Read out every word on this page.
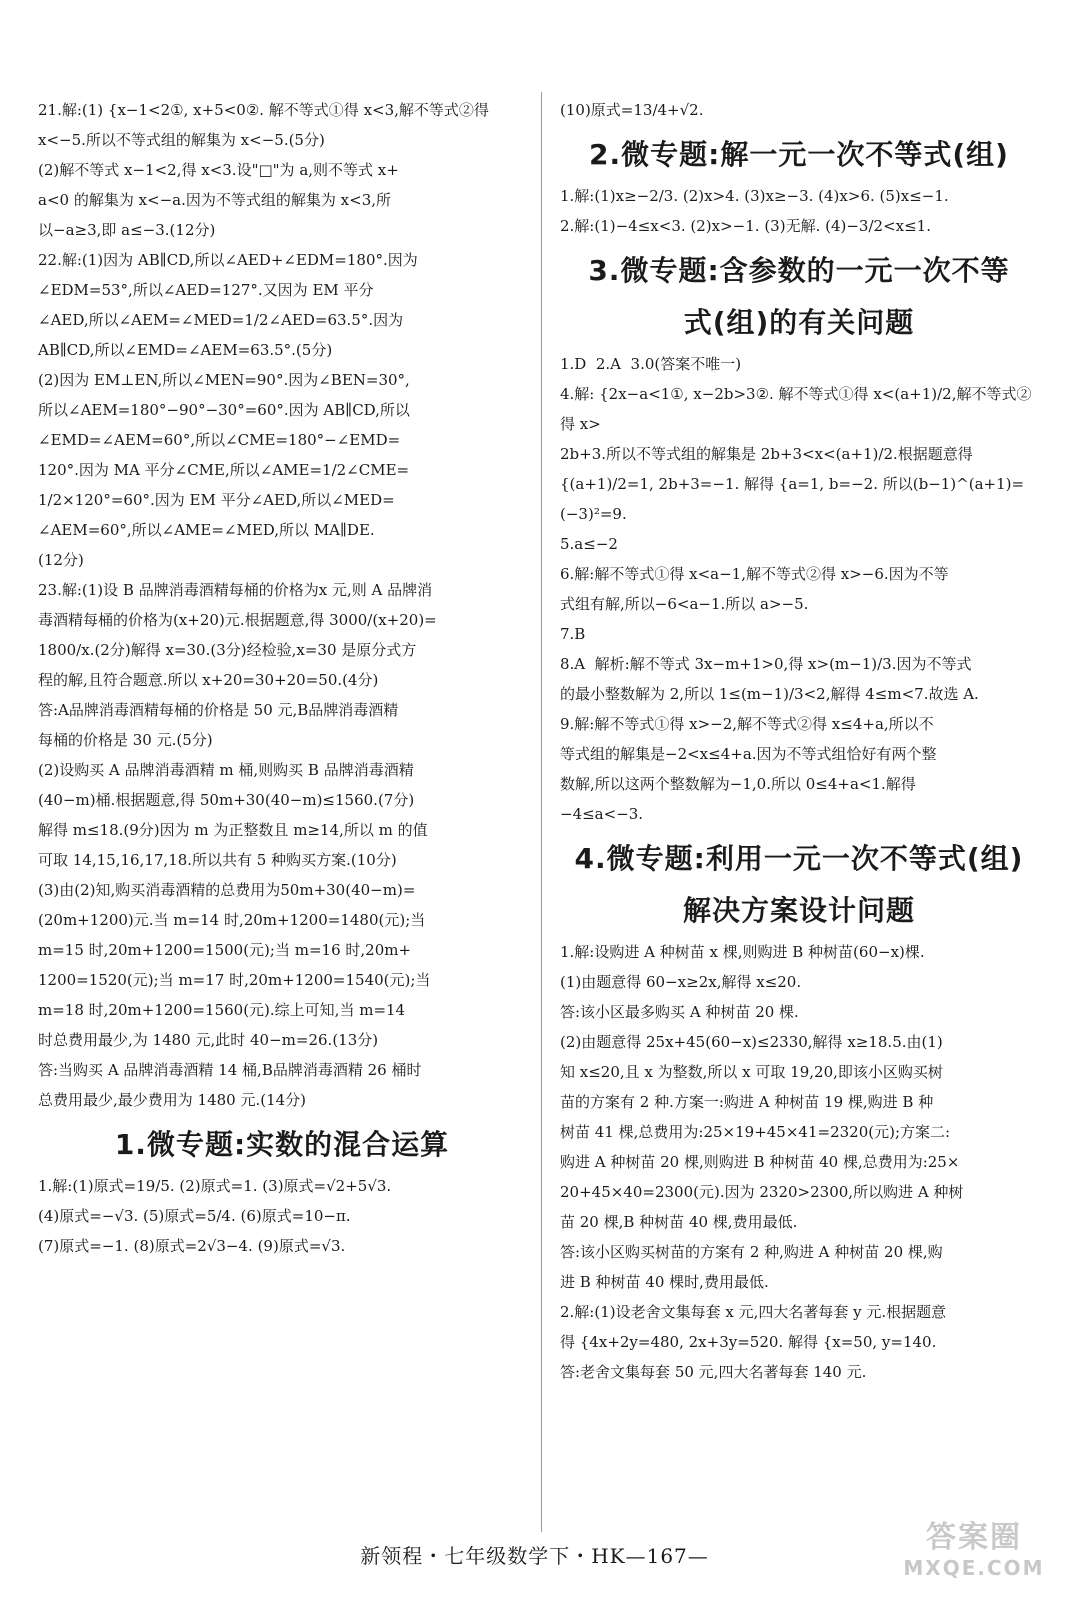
21.解:(1) {x−1<2①, x+5<0②. 解不等式①得 x<3,解不等式②得
x<−5.所以不等式组的解集为 x<−5.(5分)
(2)解不等式 x−1<2,得 x<3.设"□"为 a,则不等式 x+
a<0 的解集为 x<−a.因为不等式组的解集为 x<3,所
以−a≥3,即 a≤−3.(12分)
22.解:(1)因为 AB∥CD,所以∠AED+∠EDM=180°.因为
∠EDM=53°,所以∠AED=127°.又因为 EM 平分
∠AED,所以∠AEM=∠MED=1/2∠AED=63.5°.因为
AB∥CD,所以∠EMD=∠AEM=63.5°.(5分)
(2)因为 EM⊥EN,所以∠MEN=90°.因为∠BEN=30°,
所以∠AEM=180°−90°−30°=60°.因为 AB∥CD,所以
∠EMD=∠AEM=60°,所以∠CME=180°−∠EMD=
120°.因为 MA 平分∠CME,所以∠AME=1/2∠CME=
1/2×120°=60°.因为 EM 平分∠AED,所以∠MED=
∠AEM=60°,所以∠AME=∠MED,所以 MA∥DE.
(12分)
23.解:(1)设 B 品牌消毒酒精每桶的价格为x 元,则 A 品牌消
毒酒精每桶的价格为(x+20)元.根据题意,得 3000/(x+20)=
1800/x.(2分)解得 x=30.(3分)经检验,x=30 是原分式方
程的解,且符合题意.所以 x+20=30+20=50.(4分)
答:A品牌消毒酒精每桶的价格是 50 元,B品牌消毒酒精
每桶的价格是 30 元.(5分)
(2)设购买 A 品牌消毒酒精 m 桶,则购买 B 品牌消毒酒精
(40−m)桶.根据题意,得 50m+30(40−m)≤1560.(7分)
解得 m≤18.(9分)因为 m 为正整数且 m≥14,所以 m 的值
可取 14,15,16,17,18.所以共有 5 种购买方案.(10分)
(3)由(2)知,购买消毒酒精的总费用为50m+30(40−m)=
(20m+1200)元.当 m=14 时,20m+1200=1480(元);当
m=15 时,20m+1200=1500(元);当 m=16 时,20m+
1200=1520(元);当 m=17 时,20m+1200=1540(元);当
m=18 时,20m+1200=1560(元).综上可知,当 m=14
时总费用最少,为 1480 元,此时 40−m=26.(13分)
答:当购买 A 品牌消毒酒精 14 桶,B品牌消毒酒精 26 桶时
总费用最少,最少费用为 1480 元.(14分)
1.微专题:实数的混合运算
1.解:(1)原式=19/5. (2)原式=1. (3)原式=√2+5√3.
(4)原式=−√3. (5)原式=5/4. (6)原式=10−π.
(7)原式=−1. (8)原式=2√3−4. (9)原式=√3.
(10)原式=13/4+√2.
2.微专题:解一元一次不等式(组)
1.解:(1)x≥−2/3. (2)x>4. (3)x≥−3. (4)x>6. (5)x≤−1.
2.解:(1)−4≤x<3. (2)x>−1. (3)无解. (4)−3/2<x≤1.
3.微专题:含参数的一元一次不等
式(组)的有关问题
1.D  2.A  3.0(答案不唯一)
4.解: {2x−a<1①, x−2b>3②. 解不等式①得 x<(a+1)/2,解不等式②得 x>
2b+3.所以不等式组的解集是 2b+3<x<(a+1)/2.根据题意得
{(a+1)/2=1, 2b+3=−1. 解得 {a=1, b=−2. 所以(b−1)^(a+1)=(−3)²=9.
5.a≤−2
6.解:解不等式①得 x<a−1,解不等式②得 x>−6.因为不等
式组有解,所以−6<a−1.所以 a>−5.
7.B
8.A  解析:解不等式 3x−m+1>0,得 x>(m−1)/3.因为不等式
的最小整数解为 2,所以 1≤(m−1)/3<2,解得 4≤m<7.故选 A.
9.解:解不等式①得 x>−2,解不等式②得 x≤4+a,所以不
等式组的解集是−2<x≤4+a.因为不等式组恰好有两个整
数解,所以这两个整数解为−1,0.所以 0≤4+a<1.解得
−4≤a<−3.
4.微专题:利用一元一次不等式(组)
解决方案设计问题
1.解:设购进 A 种树苗 x 棵,则购进 B 种树苗(60−x)棵.
(1)由题意得 60−x≥2x,解得 x≤20.
答:该小区最多购买 A 种树苗 20 棵.
(2)由题意得 25x+45(60−x)≤2330,解得 x≥18.5.由(1)
知 x≤20,且 x 为整数,所以 x 可取 19,20,即该小区购买树
苗的方案有 2 种.方案一:购进 A 种树苗 19 棵,购进 B 种
树苗 41 棵,总费用为:25×19+45×41=2320(元);方案二:
购进 A 种树苗 20 棵,则购进 B 种树苗 40 棵,总费用为:25×
20+45×40=2300(元).因为 2320>2300,所以购进 A 种树
苗 20 棵,B 种树苗 40 棵,费用最低.
答:该小区购买树苗的方案有 2 种,购进 A 种树苗 20 棵,购
进 B 种树苗 40 棵时,费用最低.
2.解:(1)设老舍文集每套 x 元,四大名著每套 y 元.根据题意
得 {4x+2y=480, 2x+3y=520. 解得 {x=50, y=140.
答:老舍文集每套 50 元,四大名著每套 140 元.
新领程・七年级数学下・HK—167—
答案圈
MXQE.COM
